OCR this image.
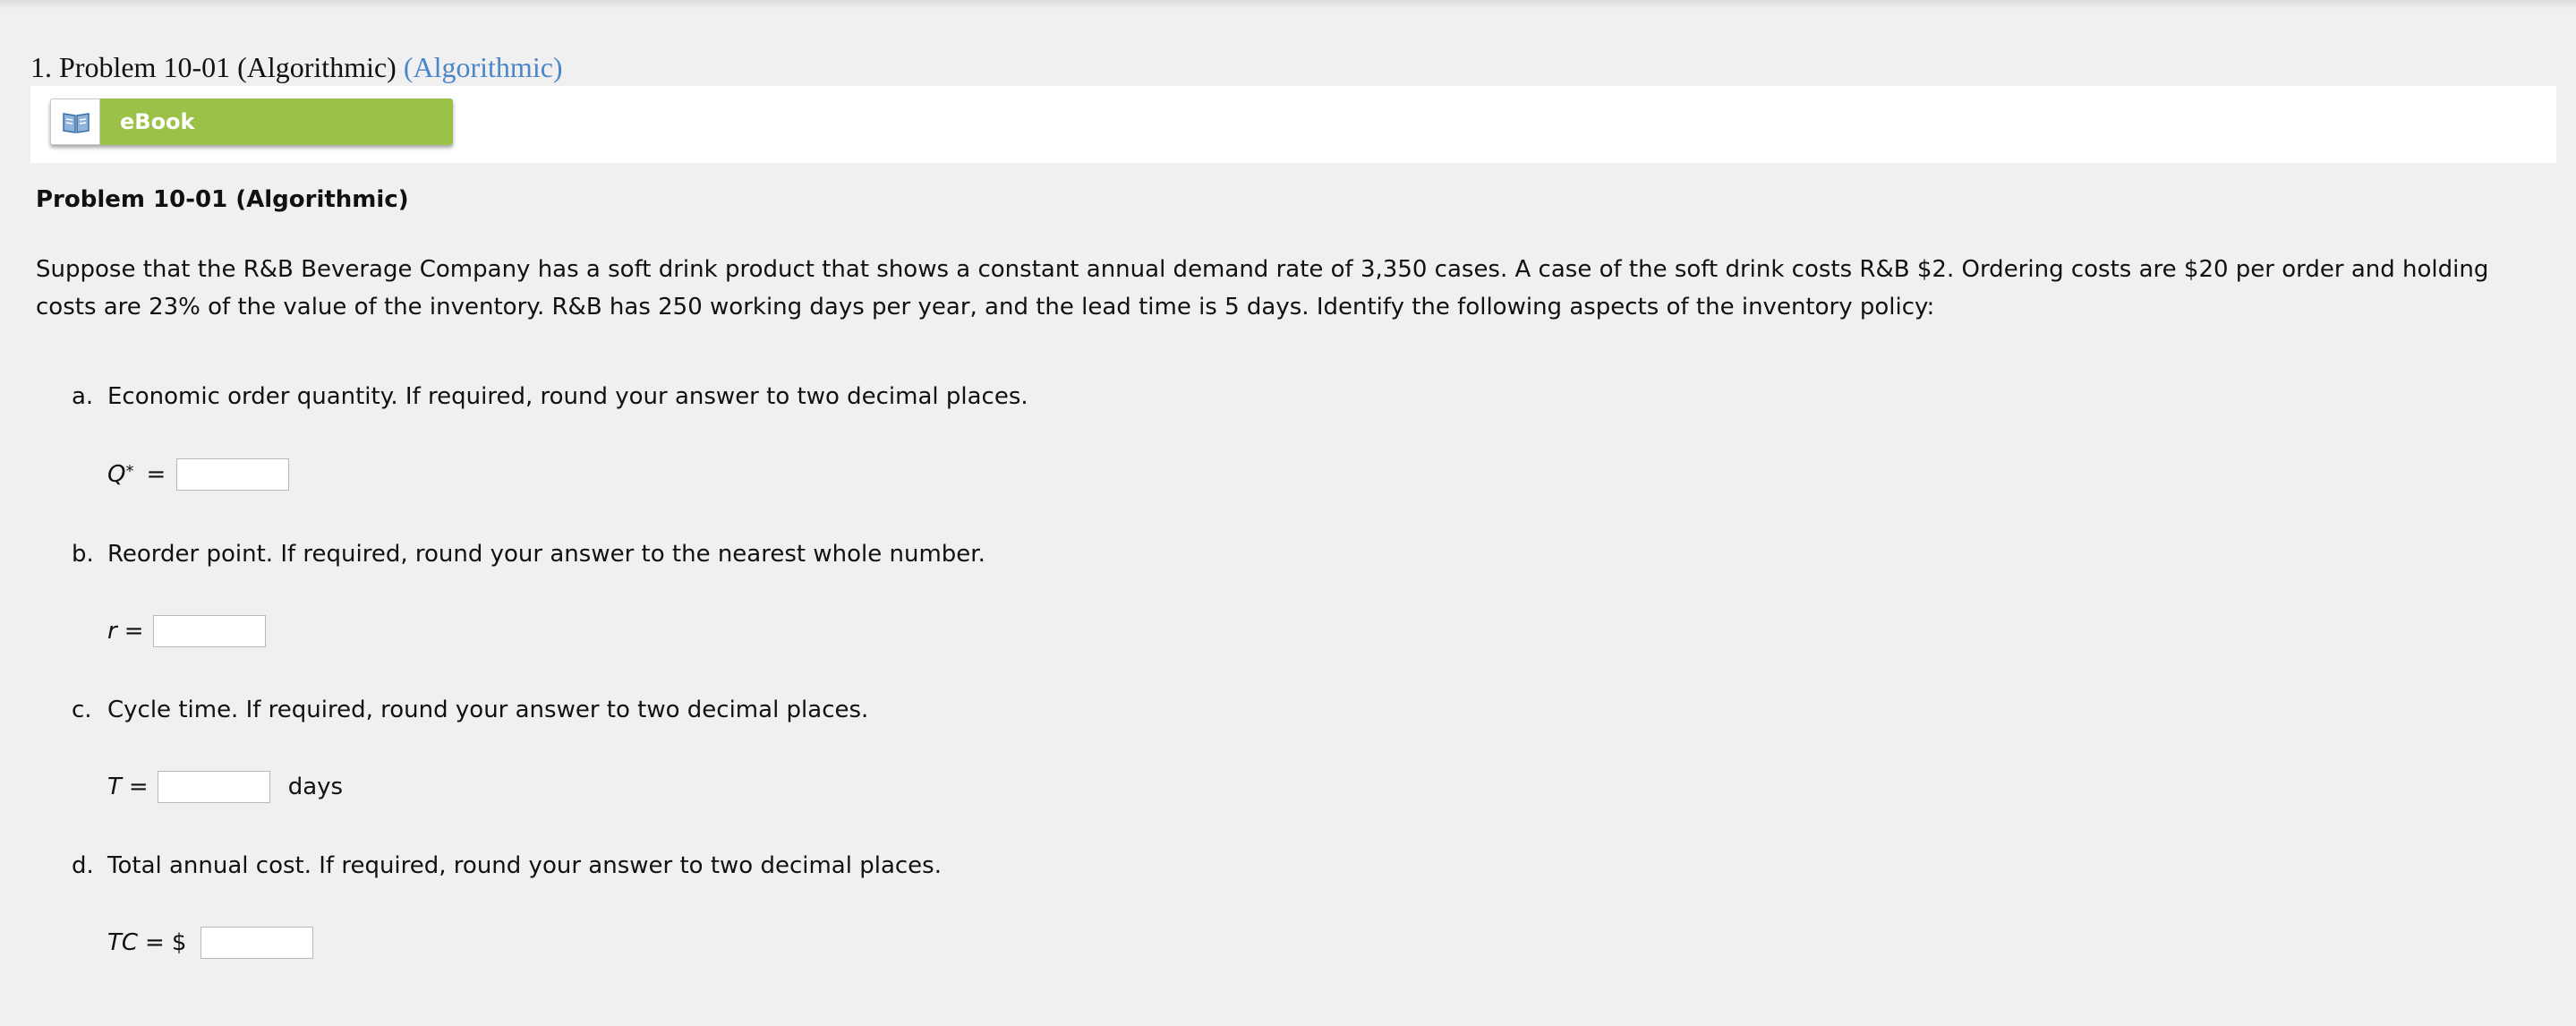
1. Problem 10-01 (Algorithmic) (Algorithmic)
eBook
Problem 10-01 (Algorithmic)
Suppose that the R&B Beverage Company has a soft drink product that shows a constant annual demand rate of 3,350 cases. A case of the soft drink costs R&B $2. Ordering costs are $20 per order and holding costs are 23% of the value of the inventory. R&B has 250 working days per year, and the lead time is 5 days. Identify the following aspects of the inventory policy:
a. Economic order quantity. If required, round your answer to two decimal places.
Q* =
b. Reorder point. If required, round your answer to the nearest whole number.
r =
c. Cycle time. If required, round your answer to two decimal places.
T =	days
d. Total annual cost. If required, round your answer to two decimal places.
TC = $
